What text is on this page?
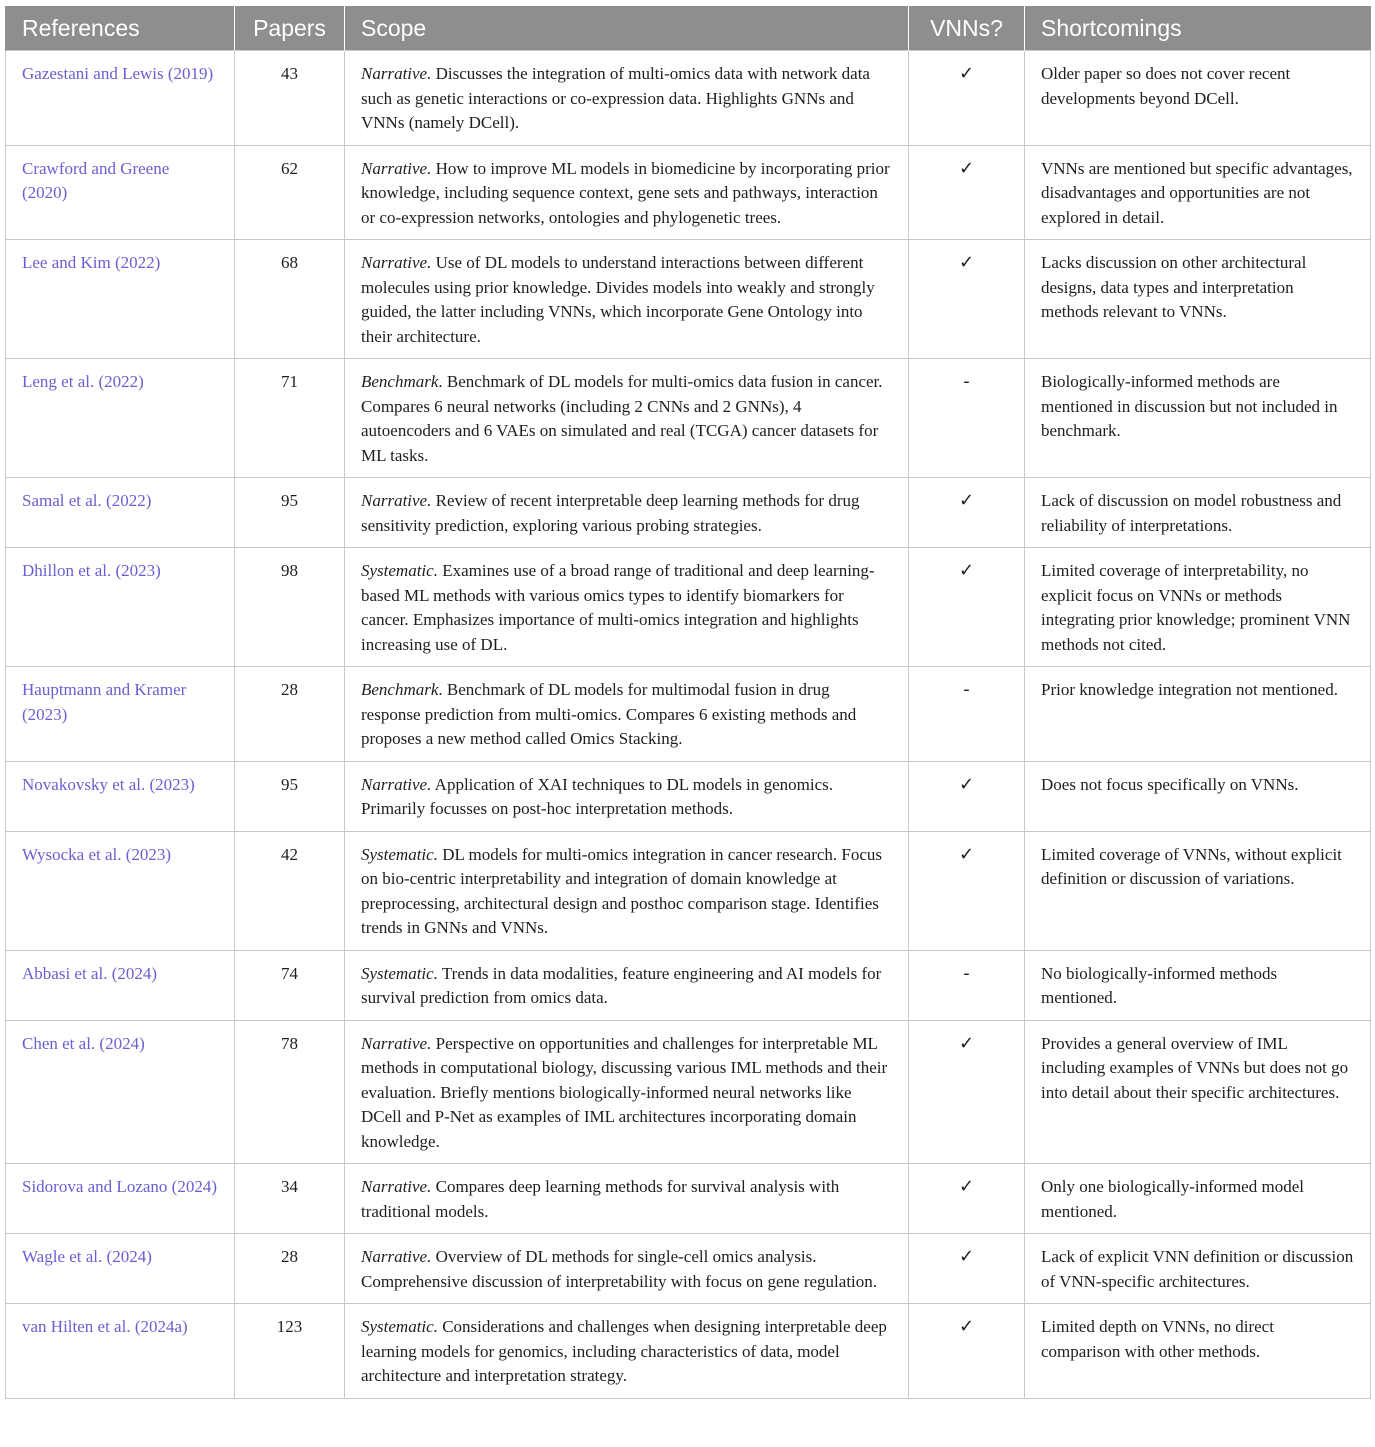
References	Papers	Scope	VNNs?	Shortcomings
Gazestani and Lewis (2019)	43	Narrative. Discusses the integration of multi-omics data with network data such as genetic interactions or co-expression data. Highlights GNNs and VNNs (namely DCell).	✓	Older paper so does not cover recent developments beyond DCell.
Crawford and Greene (2020)	62	Narrative. How to improve ML models in biomedicine by incorporating prior knowledge, including sequence context, gene sets and pathways, interaction or co-expression networks, ontologies and phylogenetic trees.	✓	VNNs are mentioned but specific advantages, disadvantages and opportunities are not explored in detail.
Lee and Kim (2022)	68	Narrative. Use of DL models to understand interactions between different molecules using prior knowledge. Divides models into weakly and strongly guided, the latter including VNNs, which incorporate Gene Ontology into their architecture.	✓	Lacks discussion on other architectural designs, data types and interpretation methods relevant to VNNs.
Leng et al. (2022)	71	Benchmark. Benchmark of DL models for multi-omics data fusion in cancer. Compares 6 neural networks (including 2 CNNs and 2 GNNs), 4 autoencoders and 6 VAEs on simulated and real (TCGA) cancer datasets for ML tasks.	-	Biologically-informed methods are mentioned in discussion but not included in benchmark.
Samal et al. (2022)	95	Narrative. Review of recent interpretable deep learning methods for drug sensitivity prediction, exploring various probing strategies.	✓	Lack of discussion on model robustness and reliability of interpretations.
Dhillon et al. (2023)	98	Systematic. Examines use of a broad range of traditional and deep learning-based ML methods with various omics types to identify biomarkers for cancer. Emphasizes importance of multi-omics integration and highlights increasing use of DL.	✓	Limited coverage of interpretability, no explicit focus on VNNs or methods integrating prior knowledge; prominent VNN methods not cited.
Hauptmann and Kramer (2023)	28	Benchmark. Benchmark of DL models for multimodal fusion in drug response prediction from multi-omics. Compares 6 existing methods and proposes a new method called Omics Stacking.	-	Prior knowledge integration not mentioned.
Novakovsky et al. (2023)	95	Narrative. Application of XAI techniques to DL models in genomics. Primarily focusses on post-hoc interpretation methods.	✓	Does not focus specifically on VNNs.
Wysocka et al. (2023)	42	Systematic. DL models for multi-omics integration in cancer research. Focus on bio-centric interpretability and integration of domain knowledge at preprocessing, architectural design and posthoc comparison stage. Identifies trends in GNNs and VNNs.	✓	Limited coverage of VNNs, without explicit definition or discussion of variations.
Abbasi et al. (2024)	74	Systematic. Trends in data modalities, feature engineering and AI models for survival prediction from omics data.	-	No biologically-informed methods mentioned.
Chen et al. (2024)	78	Narrative. Perspective on opportunities and challenges for interpretable ML methods in computational biology, discussing various IML methods and their evaluation. Briefly mentions biologically-informed neural networks like DCell and P-Net as examples of IML architectures incorporating domain knowledge.	✓	Provides a general overview of IML including examples of VNNs but does not go into detail about their specific architectures.
Sidorova and Lozano (2024)	34	Narrative. Compares deep learning methods for survival analysis with traditional models.	✓	Only one biologically-informed model mentioned.
Wagle et al. (2024)	28	Narrative. Overview of DL methods for single-cell omics analysis. Comprehensive discussion of interpretability with focus on gene regulation.	✓	Lack of explicit VNN definition or discussion of VNN-specific architectures.
van Hilten et al. (2024a)	123	Systematic. Considerations and challenges when designing interpretable deep learning models for genomics, including characteristics of data, model architecture and interpretation strategy.	✓	Limited depth on VNNs, no direct comparison with other methods.
